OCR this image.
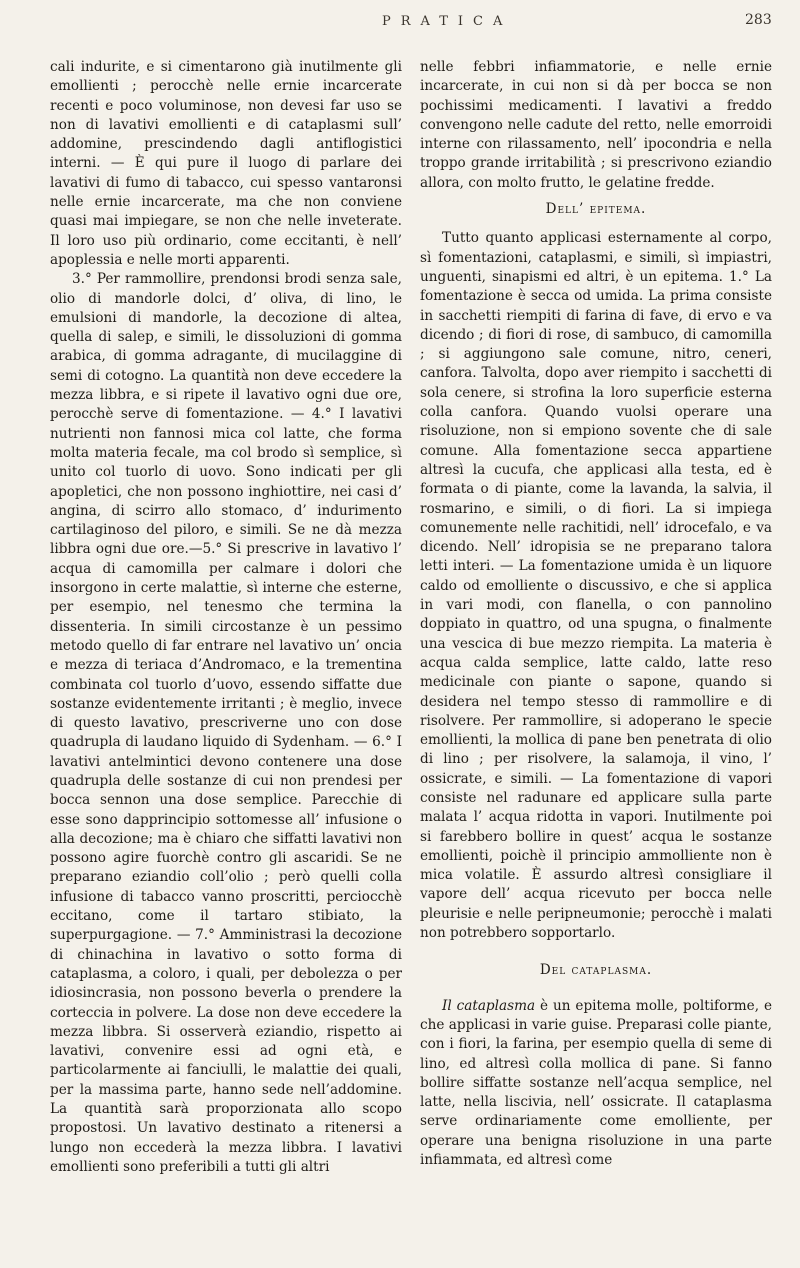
PRATICA	283

cali indurite, e si cimentarono già inutilmente gli emollienti ; perocchè nelle ernie incarcerate recenti e poco voluminose, non devesi far uso se non di lavativi emollienti e di cataplasmi sull’ addomine, prescindendo dagli antiflogistici interni. — È qui pure il luogo di parlare dei lavativi di fumo di tabacco, cui spesso vantaronsi nelle ernie incarcerate, ma che non conviene quasi mai impiegare, se non che nelle inveterate. Il loro uso più ordinario, come eccitanti, è nell’ apoplessia e nelle morti apparenti.

3.° Per rammollire, prendonsi brodi senza sale, olio di mandorle dolci, d’ oliva, di lino, le emulsioni di mandorle, la decozione di altea, quella di salep, e simili, le dissoluzioni di gomma arabica, di gomma adragante, di mucilaggine di semi di cotogno. La quantità non deve eccedere la mezza libbra, e si ripete il lavativo ogni due ore, perocchè serve di fomentazione. — 4.° I lavativi nutrienti non fannosi mica col latte, che forma molta materia fecale, ma col brodo sì semplice, sì unito col tuorlo di uovo. Sono indicati per gli apopletici, che non possono inghiottire, nei casi d’ angina, di scirro allo stomaco, d’ indurimento cartilaginoso del piloro, e simili. Se ne dà mezza libbra ogni due ore.—5.° Si prescrive in lavativo l’ acqua di camomilla per calmare i dolori che insorgono in certe malattie, sì interne che esterne, per esempio, nel tenesmo che termina la dissenteria. In simili circostanze è un pessimo metodo quello di far entrare nel lavativo un’ oncia e mezza di teriaca d’Andromaco, e la trementina combinata col tuorlo d’uovo, essendo siffatte due sostanze evidentemente irritanti ; è meglio, invece di questo lavativo, prescriverne uno con dose quadrupla di laudano liquido di Sydenham. — 6.° I lavativi antelmintici devono contenere una dose quadrupla delle sostanze di cui non prendesi per bocca sennon una dose semplice. Parecchie di esse sono dapprincipio sottomesse all’ infusione o alla decozione; ma è chiaro che siffatti lavativi non possono agire fuorchè contro gli ascaridi. Se ne preparano eziandio coll’olio ; però quelli colla infusione di tabacco vanno proscritti, perciocchè eccitano, come il tartaro stibiato, la superpurgagione. — 7.° Amministrasi la decozione di chinachina in lavativo o sotto forma di cataplasma, a coloro, i quali, per debolezza o per idiosincrasia, non possono beverla o prendere la corteccia in polvere. La dose non deve eccedere la mezza libbra. Si osserverà eziandio, rispetto ai lavativi, convenire essi ad ogni età, e particolarmente ai fanciulli, le malattie dei quali, per la massima parte, hanno sede nell’addomine. La quantità sarà proporzionata allo scopo propostosi. Un lavativo destinato a ritenersi a lungo non eccederà la mezza libbra. I lavativi emollienti sono preferibili a tutti gli altri

nelle febbri infiammatorie, e nelle ernie incarcerate, in cui non si dà per bocca se non pochissimi medicamenti. I lavativi a freddo convengono nelle cadute del retto, nelle emorroidi interne con rilassamento, nell’ ipocondria e nella troppo grande irritabilità ; si prescrivono eziandio allora, con molto frutto, le gelatine fredde.

Dell’ epitema.

Tutto quanto applicasi esternamente al corpo, sì fomentazioni, cataplasmi, e simili, sì impiastri, unguenti, sinapismi ed altri, è un epitema. 1.° La fomentazione è secca od umida. La prima consiste in sacchetti riempiti di farina di fave, di ervo e va dicendo ; di fiori di rose, di sambuco, di camomilla ; si aggiungono sale comune, nitro, ceneri, canfora. Talvolta, dopo aver riempito i sacchetti di sola cenere, si strofina la loro superficie esterna colla canfora. Quando vuolsi operare una risoluzione, non si empiono sovente che di sale comune. Alla fomentazione secca appartiene altresì la cucufa, che applicasi alla testa, ed è formata o di piante, come la lavanda, la salvia, il rosmarino, e simili, o di fiori. La si impiega comunemente nelle rachitidi, nell’ idrocefalo, e va dicendo. Nell’ idropisia se ne preparano talora letti interi. — La fomentazione umida è un liquore caldo od emolliente o discussivo, e che si applica in vari modi, con flanella, o con pannolino doppiato in quattro, od una spugna, o finalmente una vescica di bue mezzo riempita. La materia è acqua calda semplice, latte caldo, latte reso medicinale con piante o sapone, quando si desidera nel tempo stesso di rammollire e di risolvere. Per rammollire, si adoperano le specie emollienti, la mollica di pane ben penetrata di olio di lino ; per risolvere, la salamoja, il vino, l’ ossicrate, e simili. — La fomentazione di vapori consiste nel radunare ed applicare sulla parte malata l’ acqua ridotta in vapori. Inutilmente poi si farebbero bollire in quest’ acqua le sostanze emollienti, poichè il principio ammolliente non è mica volatile. È assurdo altresì consigliare il vapore dell’ acqua ricevuto per bocca nelle pleurisie e nelle peripneumonie; perocchè i malati non potrebbero sopportarlo.

Del cataplasma.

Il cataplasma è un epitema molle, poltiforme, e che applicasi in varie guise. Preparasi colle piante, con i fiori, la farina, per esempio quella di seme di lino, ed altresì colla mollica di pane. Si fanno bollire siffatte sostanze nell’acqua semplice, nel latte, nella liscivia, nell’ ossicrate. Il cataplasma serve ordinariamente come emolliente, per operare una benigna risoluzione in una parte infiammata, ed altresì come
